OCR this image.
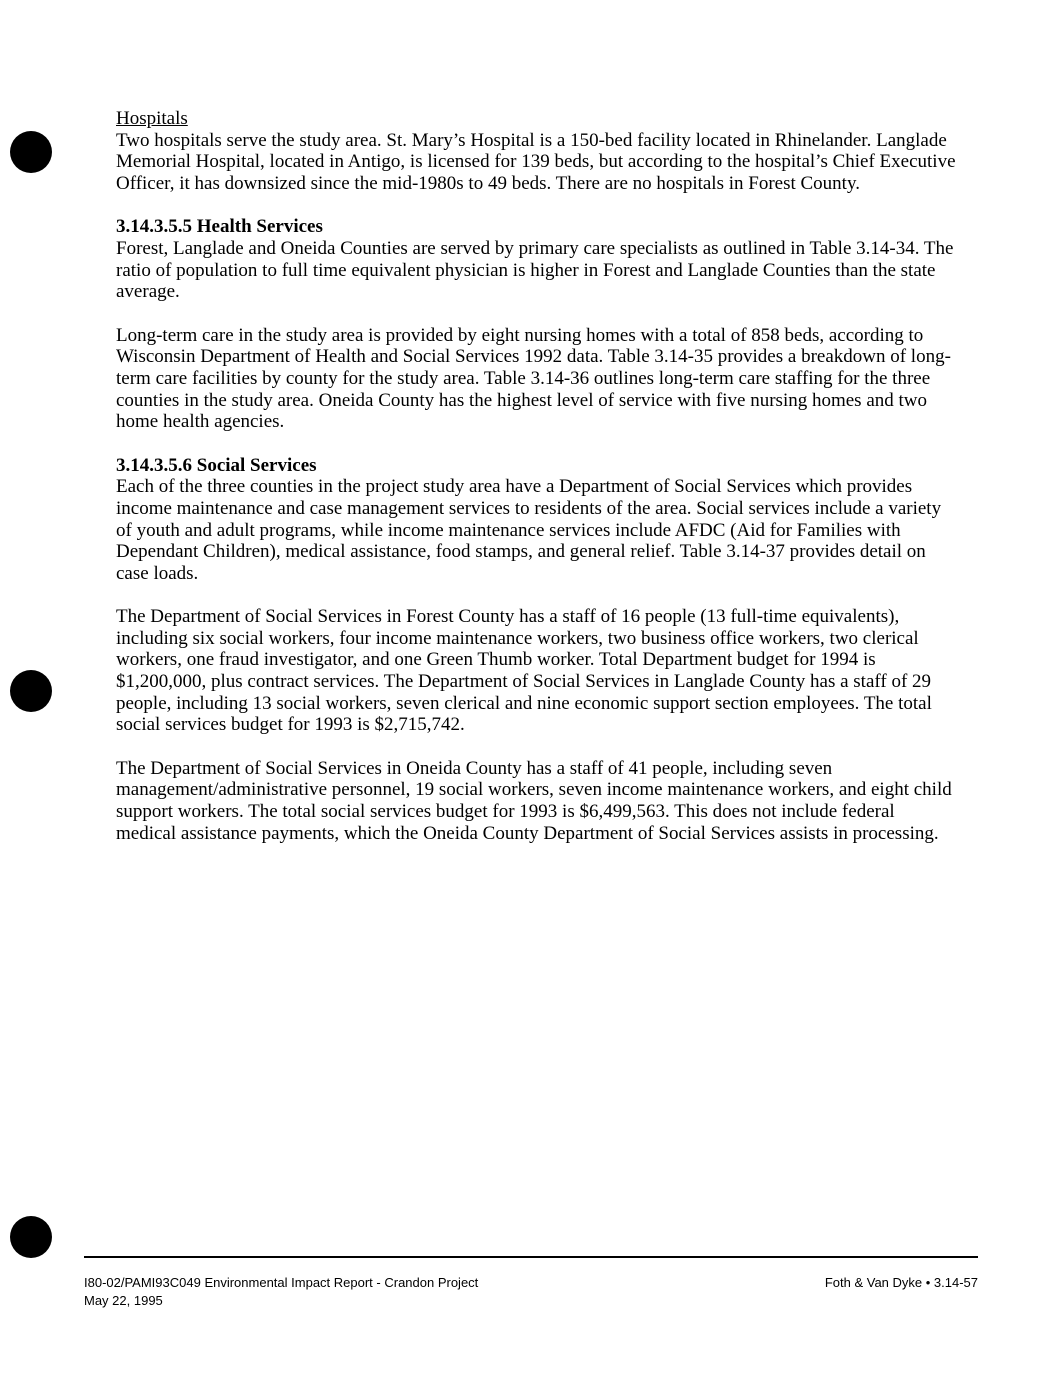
Hospitals

Two hospitals serve the study area. St. Mary’s Hospital is a 150-bed facility located in Rhinelander. Langlade Memorial Hospital, located in Antigo, is licensed for 139 beds, but according to the hospital’s Chief Executive Officer, it has downsized since the mid-1980s to 49 beds. There are no hospitals in Forest County.

3.14.3.5.5 Health Services

Forest, Langlade and Oneida Counties are served by primary care specialists as outlined in Table 3.14-34. The ratio of population to full time equivalent physician is higher in Forest and Langlade Counties than the state average.

Long-term care in the study area is provided by eight nursing homes with a total of 858 beds, according to Wisconsin Department of Health and Social Services 1992 data. Table 3.14-35 provides a breakdown of long-term care facilities by county for the study area. Table 3.14-36 outlines long-term care staffing for the three counties in the study area. Oneida County has the highest level of service with five nursing homes and two home health agencies.

3.14.3.5.6 Social Services

Each of the three counties in the project study area have a Department of Social Services which provides income maintenance and case management services to residents of the area. Social services include a variety of youth and adult programs, while income maintenance services include AFDC (Aid for Families with Dependant Children), medical assistance, food stamps, and general relief. Table 3.14-37 provides detail on case loads.

The Department of Social Services in Forest County has a staff of 16 people (13 full-time equivalents), including six social workers, four income maintenance workers, two business office workers, two clerical workers, one fraud investigator, and one Green Thumb worker. Total Department budget for 1994 is $1,200,000, plus contract services. The Department of Social Services in Langlade County has a staff of 29 people, including 13 social workers, seven clerical and nine economic support section employees. The total social services budget for 1993 is $2,715,742.

The Department of Social Services in Oneida County has a staff of 41 people, including seven management/administrative personnel, 19 social workers, seven income maintenance workers, and eight child support workers. The total social services budget for 1993 is $6,499,563. This does not include federal medical assistance payments, which the Oneida County Department of Social Services assists in processing.

I80-02/PAMI93C049 Environmental Impact Report - Crandon Project
May 22, 1995
Foth & Van Dyke • 3.14-57
